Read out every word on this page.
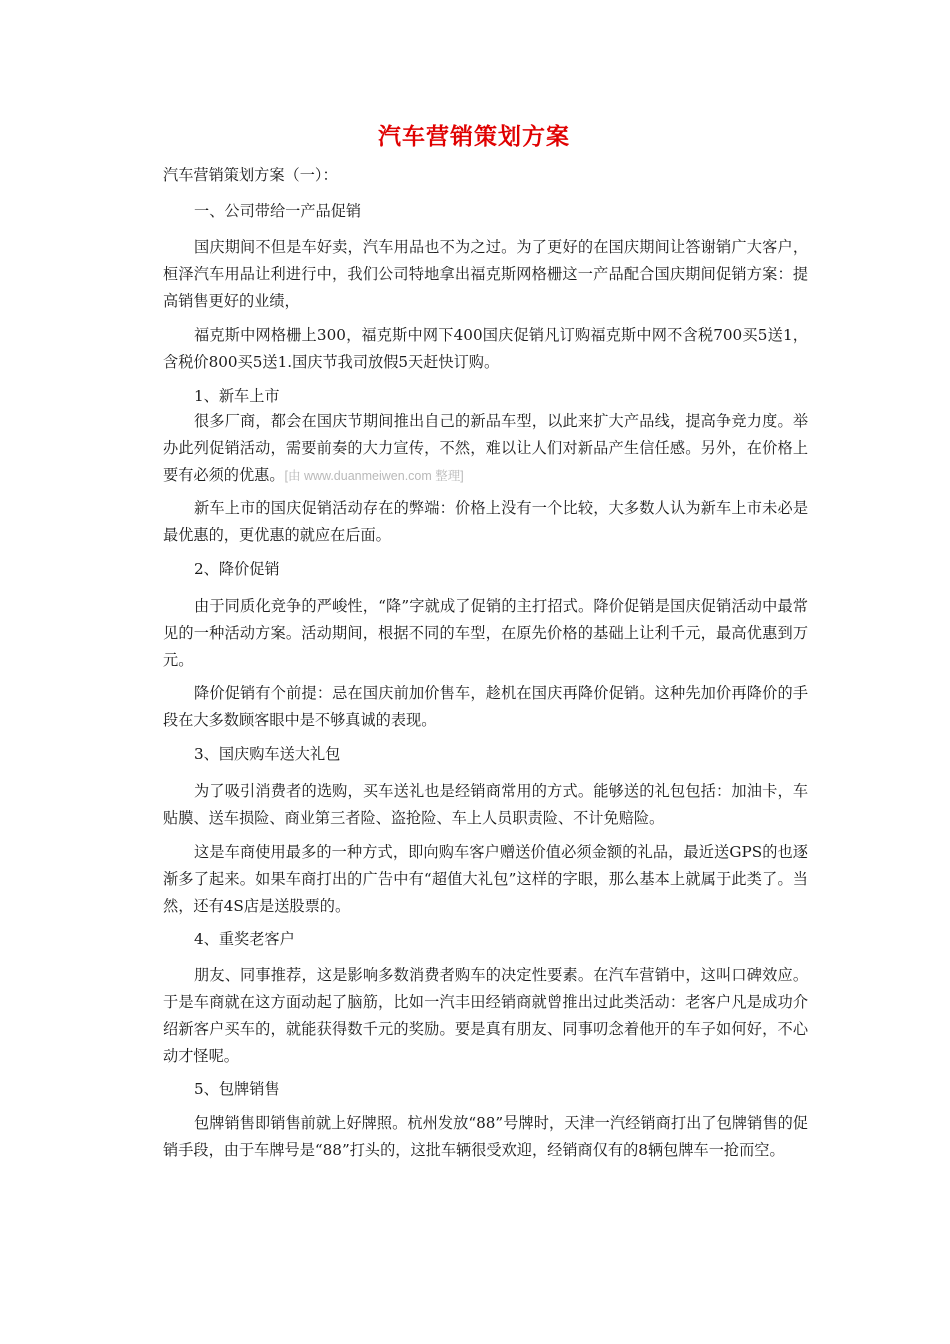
汽车营销策划方案

汽车营销策划方案（一）：

一、公司带给一产品促销

国庆期间不但是车好卖，汽车用品也不为之过。为了更好的在国庆期间让答谢销广大客户，桓泽汽车用品让利进行中，我们公司特地拿出福克斯网格栅这一产品配合国庆期间促销方案：提高销售更好的业绩，

福克斯中网格栅上300，福克斯中网下400国庆促销凡订购福克斯中网不含税700买5送1，含税价800买5送1.国庆节我司放假5天赶快订购。

1、新车上市

很多厂商，都会在国庆节期间推出自己的新品车型，以此来扩大产品线，提高争竞力度。举办此列促销活动，需要前奏的大力宣传，不然，难以让人们对新品产生信任感。另外，在价格上要有必须的优惠。[由 www.duanmeiwen.com 整理]

新车上市的国庆促销活动存在的弊端：价格上没有一个比较，大多数人认为新车上市未必是最优惠的，更优惠的就应在后面。

2、降价促销

由于同质化竞争的严峻性，“降”字就成了促销的主打招式。降价促销是国庆促销活动中最常见的一种活动方案。活动期间，根据不同的车型，在原先价格的基础上让利千元，最高优惠到万元。

降价促销有个前提：忌在国庆前加价售车，趁机在国庆再降价促销。这种先加价再降价的手段在大多数顾客眼中是不够真诚的表现。

3、国庆购车送大礼包

为了吸引消费者的选购，买车送礼也是经销商常用的方式。能够送的礼包包括：加油卡，车贴膜、送车损险、商业第三者险、盗抢险、车上人员职责险、不计免赔险。

这是车商使用最多的一种方式，即向购车客户赠送价值必须金额的礼品，最近送GPS的也逐渐多了起来。如果车商打出的广告中有“超值大礼包”这样的字眼，那么基本上就属于此类了。当然，还有4S店是送股票的。

4、重奖老客户

朋友、同事推荐，这是影响多数消费者购车的决定性要素。在汽车营销中，这叫口碑效应。于是车商就在这方面动起了脑筋，比如一汽丰田经销商就曾推出过此类活动：老客户凡是成功介绍新客户买车的，就能获得数千元的奖励。要是真有朋友、同事叨念着他开的车子如何好，不心动才怪呢。

5、包牌销售

包牌销售即销售前就上好牌照。杭州发放“88”号牌时，天津一汽经销商打出了包牌销售的促销手段，由于车牌号是“88”打头的，这批车辆很受欢迎，经销商仅有的8辆包牌车一抢而空。
